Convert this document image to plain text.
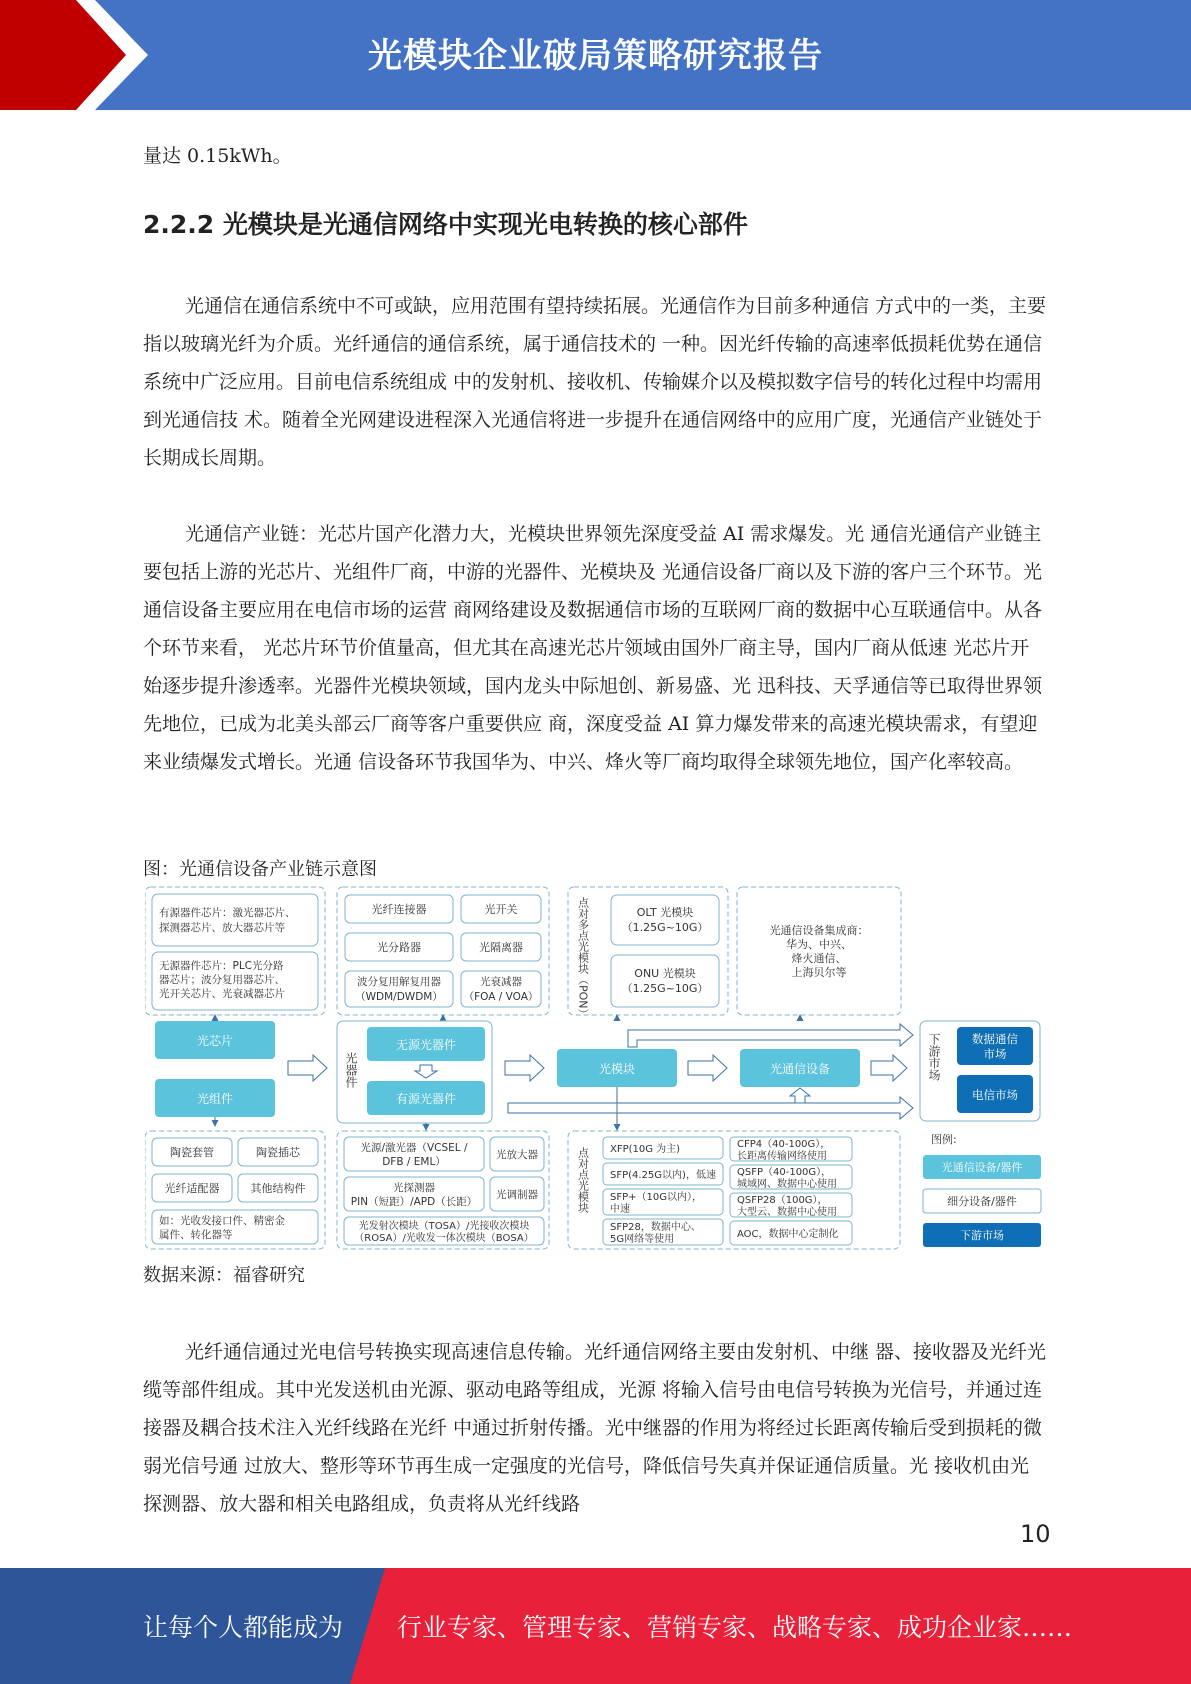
光模块企业破局策略研究报告

量达 0.15kWh。

2.2.2 光模块是光通信网络中实现光电转换的核心部件

光通信在通信系统中不可或缺，应用范围有望持续拓展。光通信作为目前多种通信 方式中的一类，主要指以玻璃光纤为介质。光纤通信的通信系统，属于通信技术的 一种。因光纤传输的高速率低损耗优势在通信系统中广泛应用。目前电信系统组成 中的发射机、接收机、传输媒介以及模拟数字信号的转化过程中均需用到光通信技 术。随着全光网建设进程深入光通信将进一步提升在通信网络中的应用广度，光通信产业链处于长期成长周期。

光通信产业链：光芯片国产化潜力大，光模块世界领先深度受益 AI 需求爆发。光 通信光通信产业链主要包括上游的光芯片、光组件厂商，中游的光器件、光模块及 光通信设备厂商以及下游的客户三个环节。光通信设备主要应用在电信市场的运营 商网络建设及数据通信市场的互联网厂商的数据中心互联通信中。从各个环节来看， 光芯片环节价值量高，但尤其在高速光芯片领域由国外厂商主导，国内厂商从低速 光芯片开始逐步提升渗透率。光器件光模块领域，国内龙头中际旭创、新易盛、光 迅科技、天孚通信等已取得世界领先地位，已成为北美头部云厂商等客户重要供应 商，深度受益 AI 算力爆发带来的高速光模块需求，有望迎来业绩爆发式增长。光通 信设备环节我国华为、中兴、烽火等厂商均取得全球领先地位，国产化率较高。

图：光通信设备产业链示意图
有源器件芯片：激光器芯片、探测器芯片、放大器芯片等
无源器件芯片：PLC光分路器芯片；波分复用器芯片、光开关芯片、光衰减器芯片
光纤连接器	光开关
光分路器	光隔离器
波分复用解复用器（WDM/DWDM）
光衰减器（FOA / VOA）	点对多点光模块（PON）	OLT 光模块（1.25G~10G）
ONU 光模块（1.25G~10G）
光通信设备集成商：华为、中兴、烽火通信、上海贝尔等
光芯片
光组件
光器件
无源光器件
有源光器件
光模块	光通信设备	下游市场	数据通信市场
电信市场
陶瓷套管	陶瓷插芯
光纤适配器	其他结构件
如：光收发接口件、精密金属件、转化器等
光源/激光器（VCSEL / DFB / EML）
光放大器
光探测器 PIN（短距）/APD（长距）
光调制器
光发射次模块（TOSA）/光接收次模块（ROSA）/光收发一体次模块（BOSA）
点对点光模块 XFP(10G 为主)
SFP(4.25G以内)，低速
SFP+（10G以内），中速
SFP28，数据中心、 5G网络等使用
CFP4（40-100G），长距离传输网络使用
QSFP（40-100G），城域网、数据中心使用
QSFP28（100G），大型云、数据中心使用
AOC，数据中心定制化
图例:
光通信设备/器件
细分设备/器件
下游市场
数据来源：福睿研究

光纤通信通过光电信号转换实现高速信息传输。光纤通信网络主要由发射机、中继 器、接收器及光纤光缆等部件组成。其中光发送机由光源、驱动电路等组成，光源 将输入信号由电信号转换为光信号，并通过连接器及耦合技术注入光纤线路在光纤 中通过折射传播。光中继器的作用为将经过长距离传输后受到损耗的微弱光信号通 过放大、整形等环节再生成一定强度的光信号，降低信号失真并保证通信质量。光 接收机由光探测器、放大器和相关电路组成，负责将从光纤线路

10
让每个人都能成为 行业专家、管理专家、营销专家、战略专家、成功企业家……
